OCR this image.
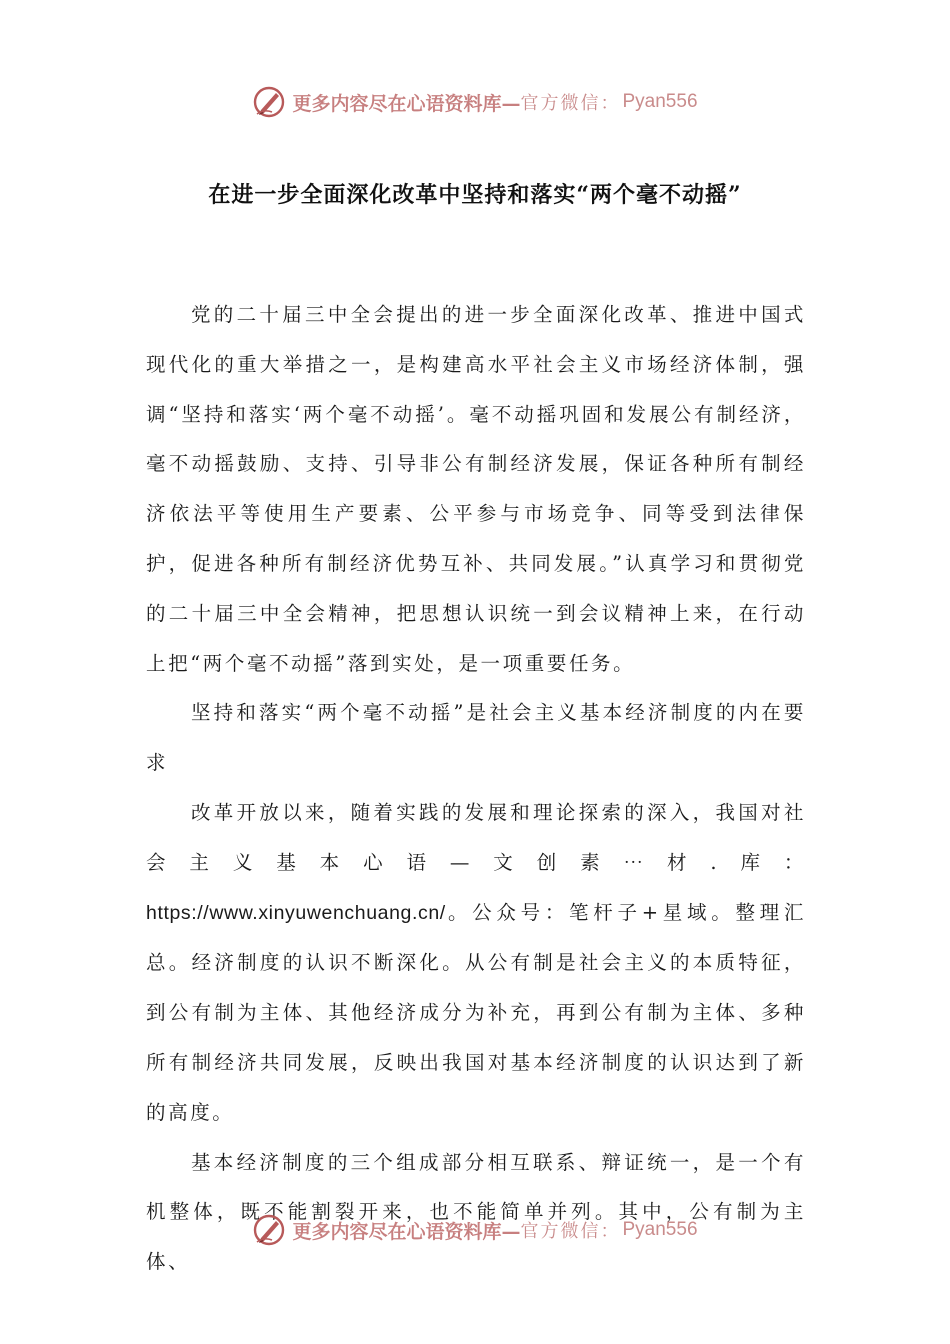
更多内容尽在心语资料库— 官方微信： Pyan556
在进一步全面深化改革中坚持和落实“两个毫不动摇”

党的二十届三中全会提出的进一步全面深化改革、推进中国式现代化的重大举措之一，是构建高水平社会主义市场经济体制，强调“坚持和落实‘两个毫不动摇’。毫不动摇巩固和发展公有制经济，毫不动摇鼓励、支持、引导非公有制经济发展，保证各种所有制经济依法平等使用生产要素、公平参与市场竞争、同等受到法律保护，促进各种所有制经济优势互补、共同发展。”认真学习和贯彻党的二十届三中全会精神，把思想认识统一到会议精神上来，在行动上把“两个毫不动摇”落到实处，是一项重要任务。

坚持和落实“两个毫不动摇”是社会主义基本经济制度的内在要求

改革开放以来，随着实践的发展和理论探索的深入，我国对社会主义基本心语—文创素⋯材.库：https://www.xinyuwenchuang.cn/。公众号：笔杆子+星域。整理汇总。经济制度的认识不断深化。从公有制是社会主义的本质特征，到公有制为主体、其他经济成分为补充，再到公有制为主体、多种所有制经济共同发展，反映出我国对基本经济制度的认识达到了新的高度。

基本经济制度的三个组成部分相互联系、辩证统一，是一个有机整体，既不能割裂开来，也不能简单并列。其中，公有制为主体、

更多内容尽在心语资料库— 官方微信： Pyan556
